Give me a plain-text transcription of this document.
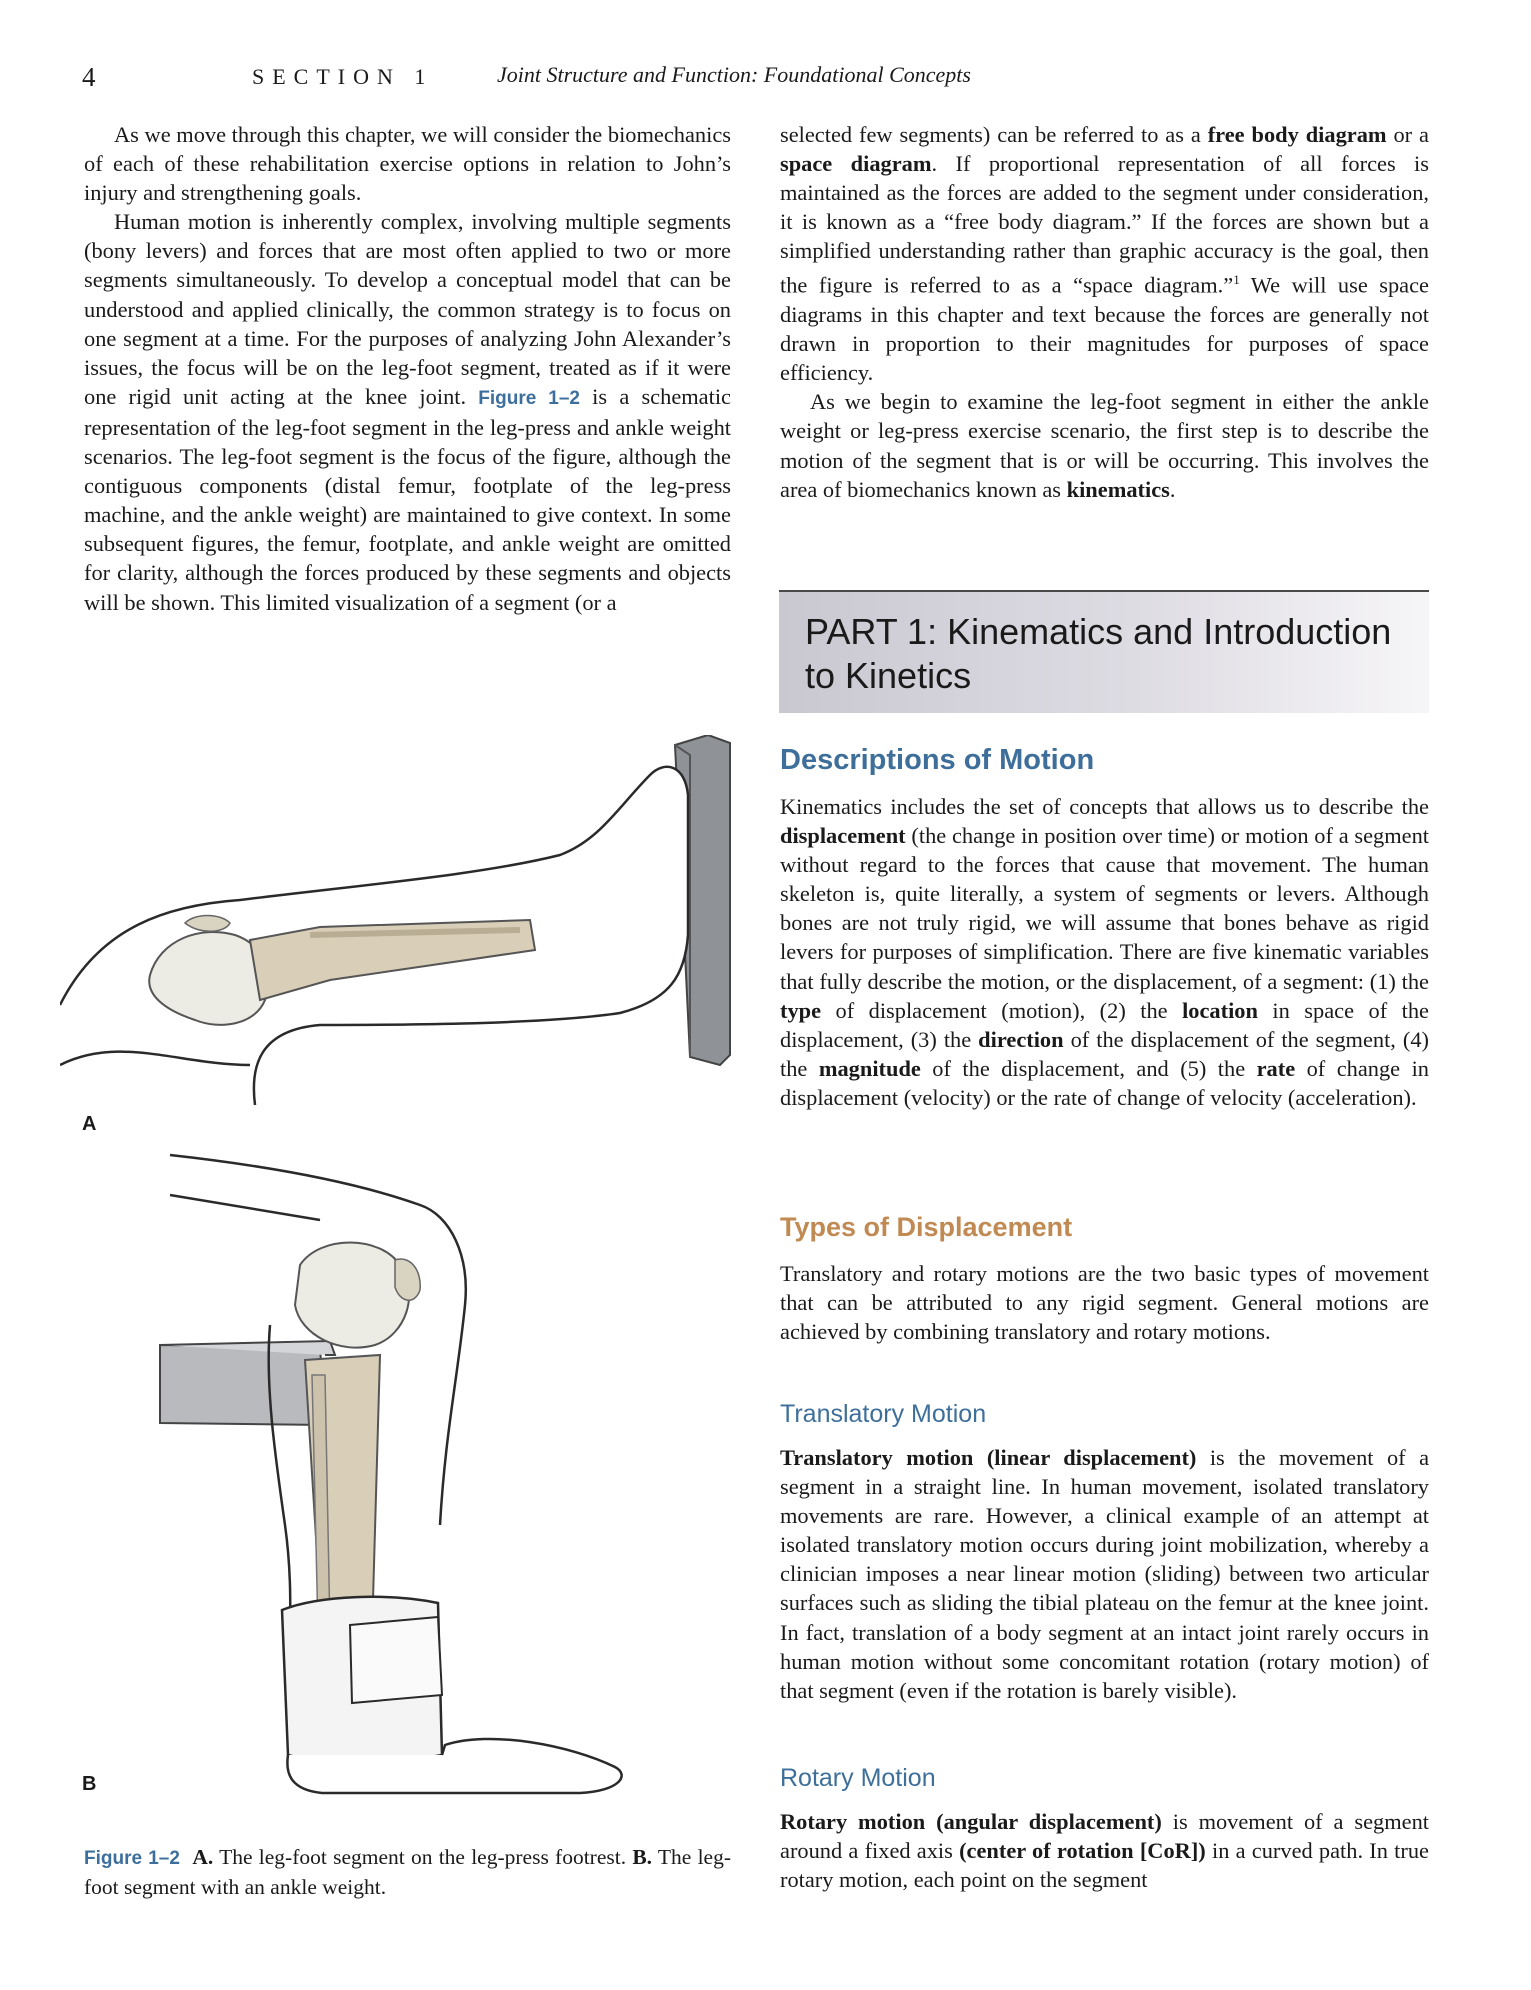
4	SECTION 1	Joint Structure and Function: Foundational Concepts

As we move through this chapter, we will consider the biomechanics of each of these rehabilitation exercise options in relation to John’s injury and strengthening goals.

Human motion is inherently complex, involving multiple segments (bony levers) and forces that are most often applied to two or more segments simultaneously. To develop a conceptual model that can be understood and applied clinically, the common strategy is to focus on one segment at a time. For the purposes of analyzing John Alexander’s issues, the focus will be on the leg-foot segment, treated as if it were one rigid unit acting at the knee joint. Figure 1–2 is a schematic representation of the leg-foot segment in the leg-press and ankle weight scenarios. The leg-foot segment is the focus of the figure, although the contiguous components (distal femur, footplate of the leg-press machine, and the ankle weight) are maintained to give context. In some subsequent figures, the femur, footplate, and ankle weight are omitted for clarity, although the forces produced by these segments and objects will be shown. This limited visualization of a segment (or a

selected few segments) can be referred to as a free body diagram or a space diagram. If proportional representation of all forces is maintained as the forces are added to the segment under consideration, it is known as a “free body diagram.” If the forces are shown but a simplified understanding rather than graphic accuracy is the goal, then the figure is referred to as a “space diagram.”$^1$ We will use space diagrams in this chapter and text because the forces are generally not drawn in proportion to their magnitudes for purposes of space efficiency.

As we begin to examine the leg-foot segment in either the ankle weight or leg-press exercise scenario, the first step is to describe the motion of the segment that is or will be occurring. This involves the area of biomechanics known as kinematics.

PART 1: Kinematics and Introduction
to Kinetics
Descriptions of Motion

Kinematics includes the set of concepts that allows us to describe the displacement (the change in position over time) or motion of a segment without regard to the forces that cause that movement. The human skeleton is, quite literally, a system of segments or levers. Although bones are not truly rigid, we will assume that bones behave as rigid levers for purposes of simplification. There are five kinematic variables that fully describe the motion, or the displacement, of a segment: (1) the type of displacement (motion), (2) the location in space of the displacement, (3) the direction of the displacement of the segment, (4) the magnitude of the displacement, and (5) the rate of change in displacement (velocity) or the rate of change of velocity (acceleration).

Types of Displacement

Translatory and rotary motions are the two basic types of movement that can be attributed to any rigid segment. General motions are achieved by combining translatory and rotary motions.

Translatory Motion

Translatory motion (linear displacement) is the movement of a segment in a straight line. In human movement, isolated translatory movements are rare. However, a clinical example of an attempt at isolated translatory motion occurs during joint mobilization, whereby a clinician imposes a near linear motion (sliding) between two articular surfaces such as sliding the tibial plateau on the femur at the knee joint. In fact, translation of a body segment at an intact joint rarely occurs in human motion without some concomitant rotation (rotary motion) of that segment (even if the rotation is barely visible).

Rotary Motion

Rotary motion (angular displacement) is movement of a segment around a fixed axis (center of rotation [CoR]) in a curved path. In true rotary motion, each point on the segment

A
B
Figure 1–2 A. The leg-foot segment on the leg-press footrest. B. The leg-foot segment with an ankle weight.
